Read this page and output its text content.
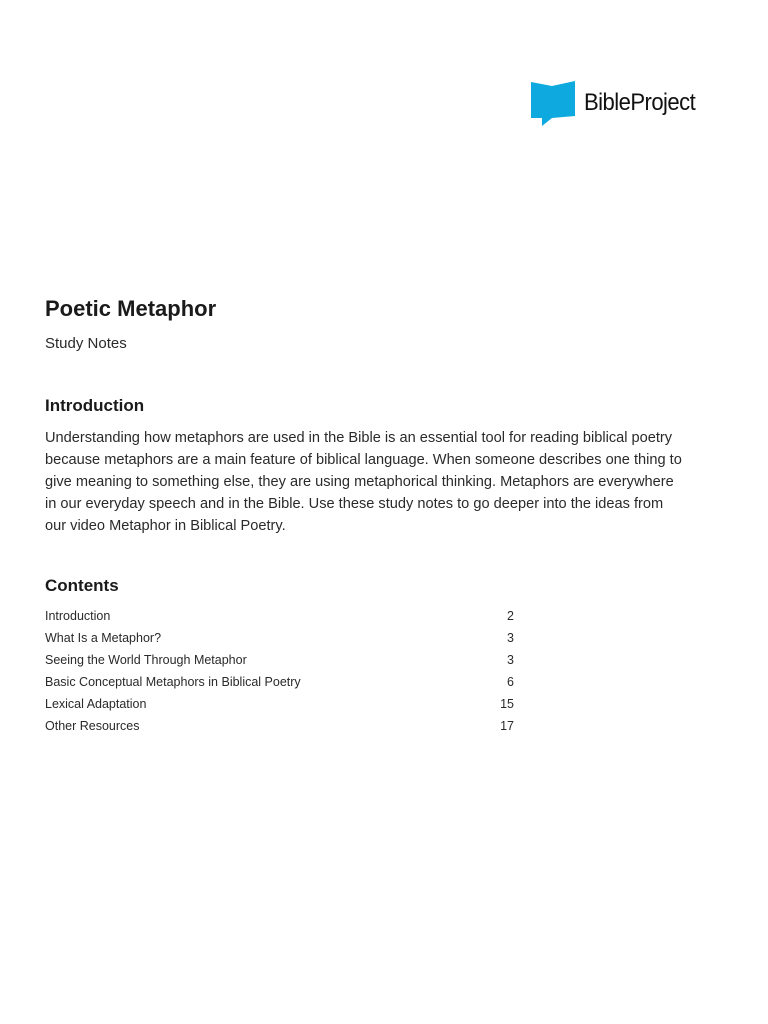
BibleProject
Poetic Metaphor

Study Notes

Introduction

Understanding how metaphors are used in the Bible is an essential tool for reading biblical poetry because metaphors are a main feature of biblical language. When someone describes one thing to give meaning to something else, they are using metaphorical thinking. Metaphors are everywhere in our everyday speech and in the Bible. Use these study notes to go deeper into the ideas from our video Metaphor in Biblical Poetry.

Contents
Introduction	2
What Is a Metaphor?	3
Seeing the World Through Metaphor	3
Basic Conceptual Metaphors in Biblical Poetry	6
Lexical Adaptation	15
Other Resources	17
